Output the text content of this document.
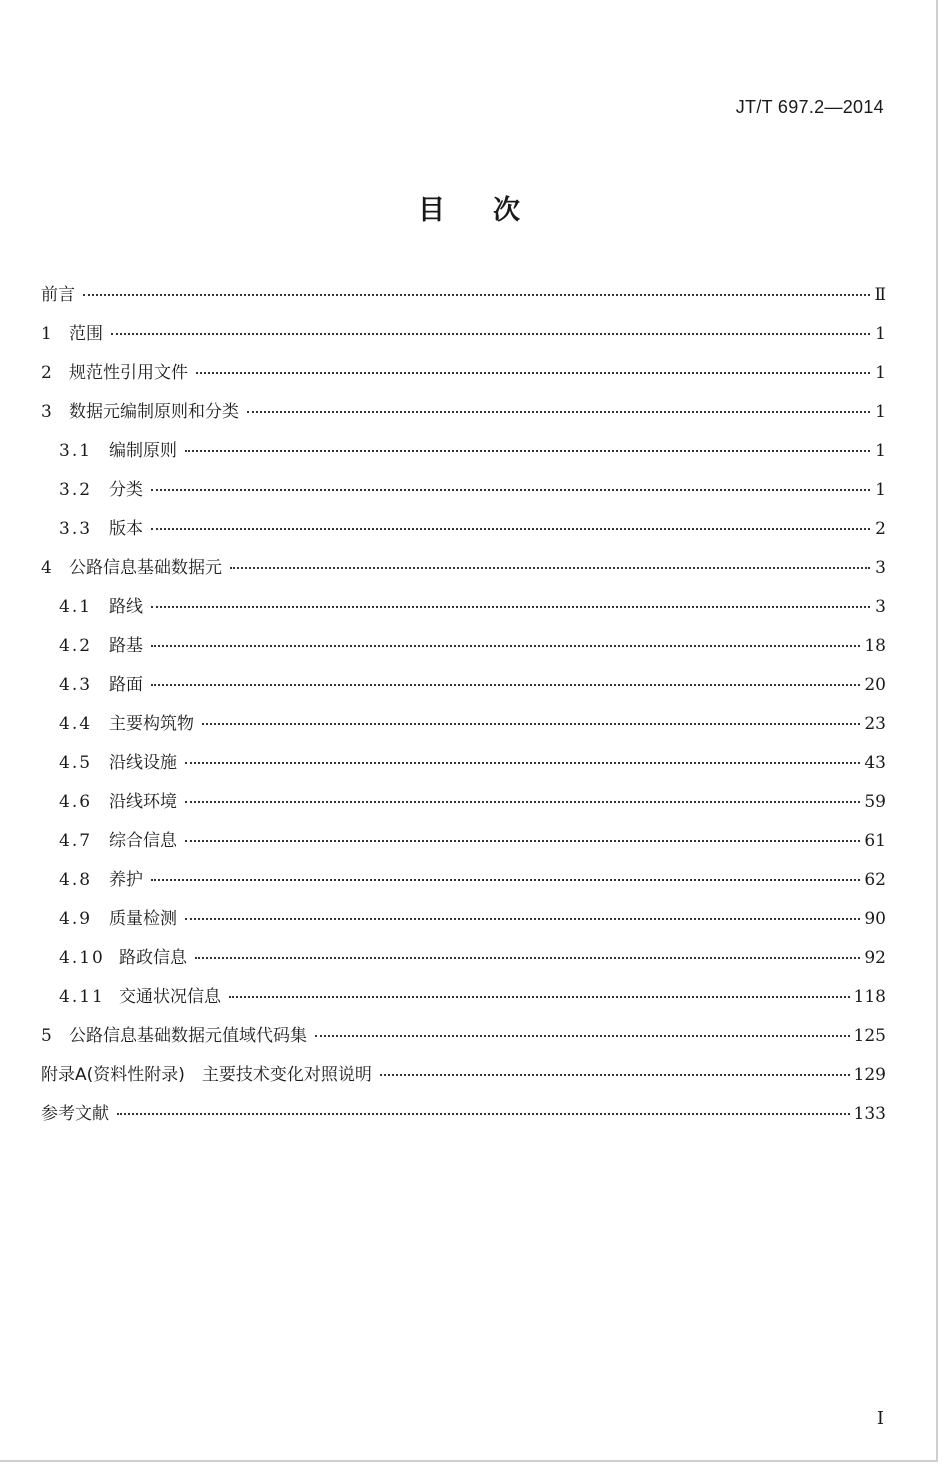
JT/T 697.2—2014
目次
前言	Ⅱ
1 范围	1
2 规范性引用文件	1
3 数据元编制原则和分类	1
3.1 编制原则	1
3.2 分类	1
3.3 版本	2
4 公路信息基础数据元	3
4.1 路线	3
4.2 路基	18
4.3 路面	20
4.4 主要构筑物	23
4.5 沿线设施	43
4.6 沿线环境	59
4.7 综合信息	61
4.8 养护	62
4.9 质量检测	90
4.10 路政信息	92
4.11 交通状况信息	118
5 公路信息基础数据元值域代码集	125
附录A(资料性附录)　主要技术变化对照说明	129
参考文献	133
Ⅰ
